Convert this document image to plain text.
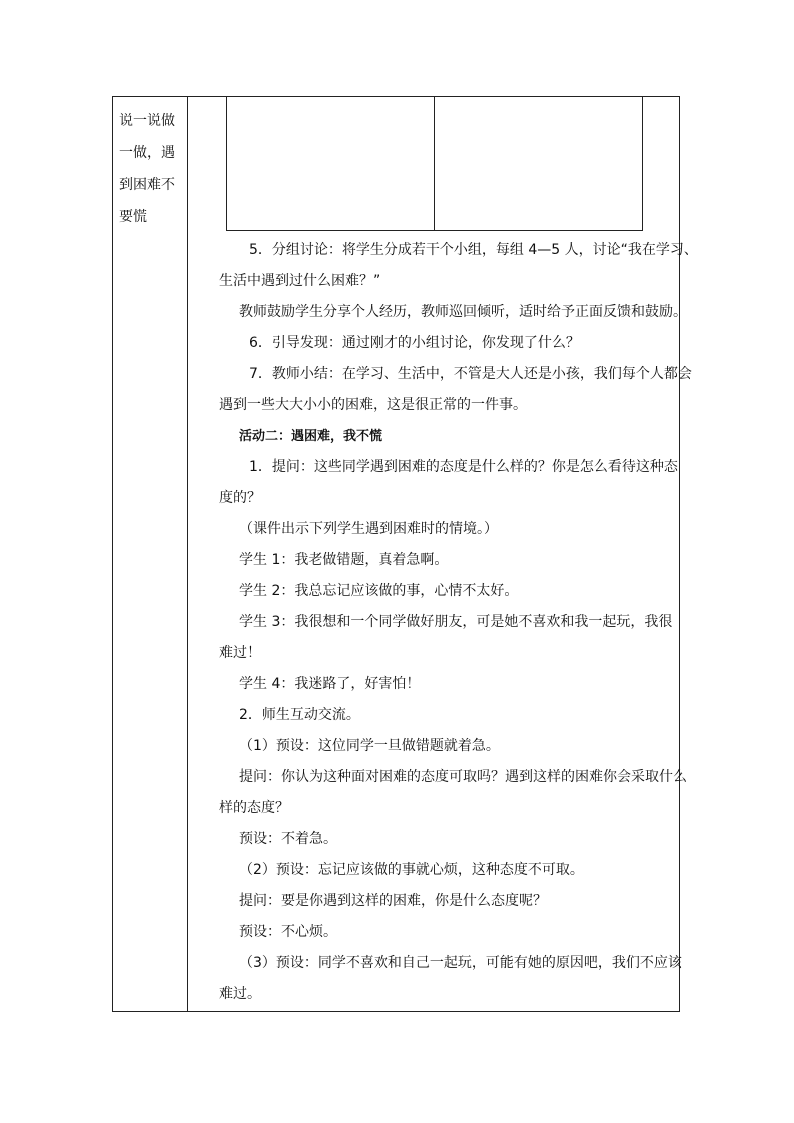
说一说做
一做，遇
到困难不
要慌
5．分组讨论：将学生分成若干个小组，每组 4—5 人，讨论“我在学习、
生活中遇到过什么困难？”
教师鼓励学生分享个人经历，教师巡回倾听，适时给予正面反馈和鼓励。
6．引导发现：通过刚才的小组讨论，你发现了什么？
7．教师小结：在学习、生活中，不管是大人还是小孩，我们每个人都会
遇到一些大大小小的困难，这是很正常的一件事。
活动二：遇困难，我不慌
1．提问：这些同学遇到困难的态度是什么样的？你是怎么看待这种态
度的？
（课件出示下列学生遇到困难时的情境。）
学生 1：我老做错题，真着急啊。
学生 2：我总忘记应该做的事，心情不太好。
学生 3：我很想和一个同学做好朋友，可是她不喜欢和我一起玩，我很
难过！
学生 4：我迷路了，好害怕！
2．师生互动交流。
（1）预设：这位同学一旦做错题就着急。
提问：你认为这种面对困难的态度可取吗？遇到这样的困难你会采取什么
样的态度？
预设：不着急。
（2）预设：忘记应该做的事就心烦，这种态度不可取。
提问：要是你遇到这样的困难，你是什么态度呢？
预设：不心烦。
（3）预设：同学不喜欢和自己一起玩，可能有她的原因吧，我们不应该
难过。
